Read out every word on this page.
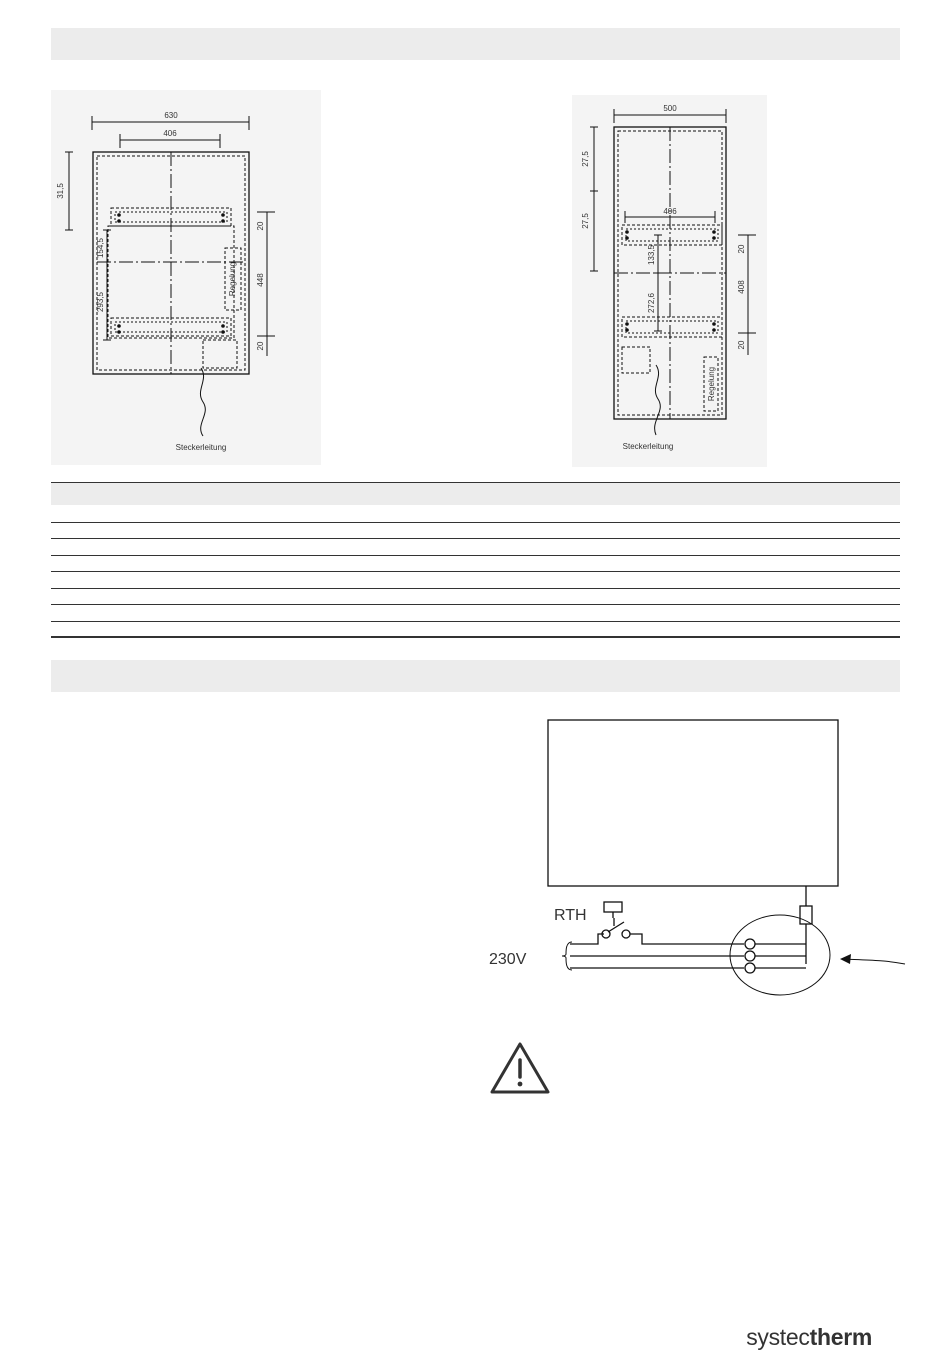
630
406
31,5
154,5
293,5
20
448
20
Regelung
Steckerleitung
500
406
27,5
27,5
133,5
272,6
20
408
20
Regelung
Steckerleitung
RTH
230V
systectherm
